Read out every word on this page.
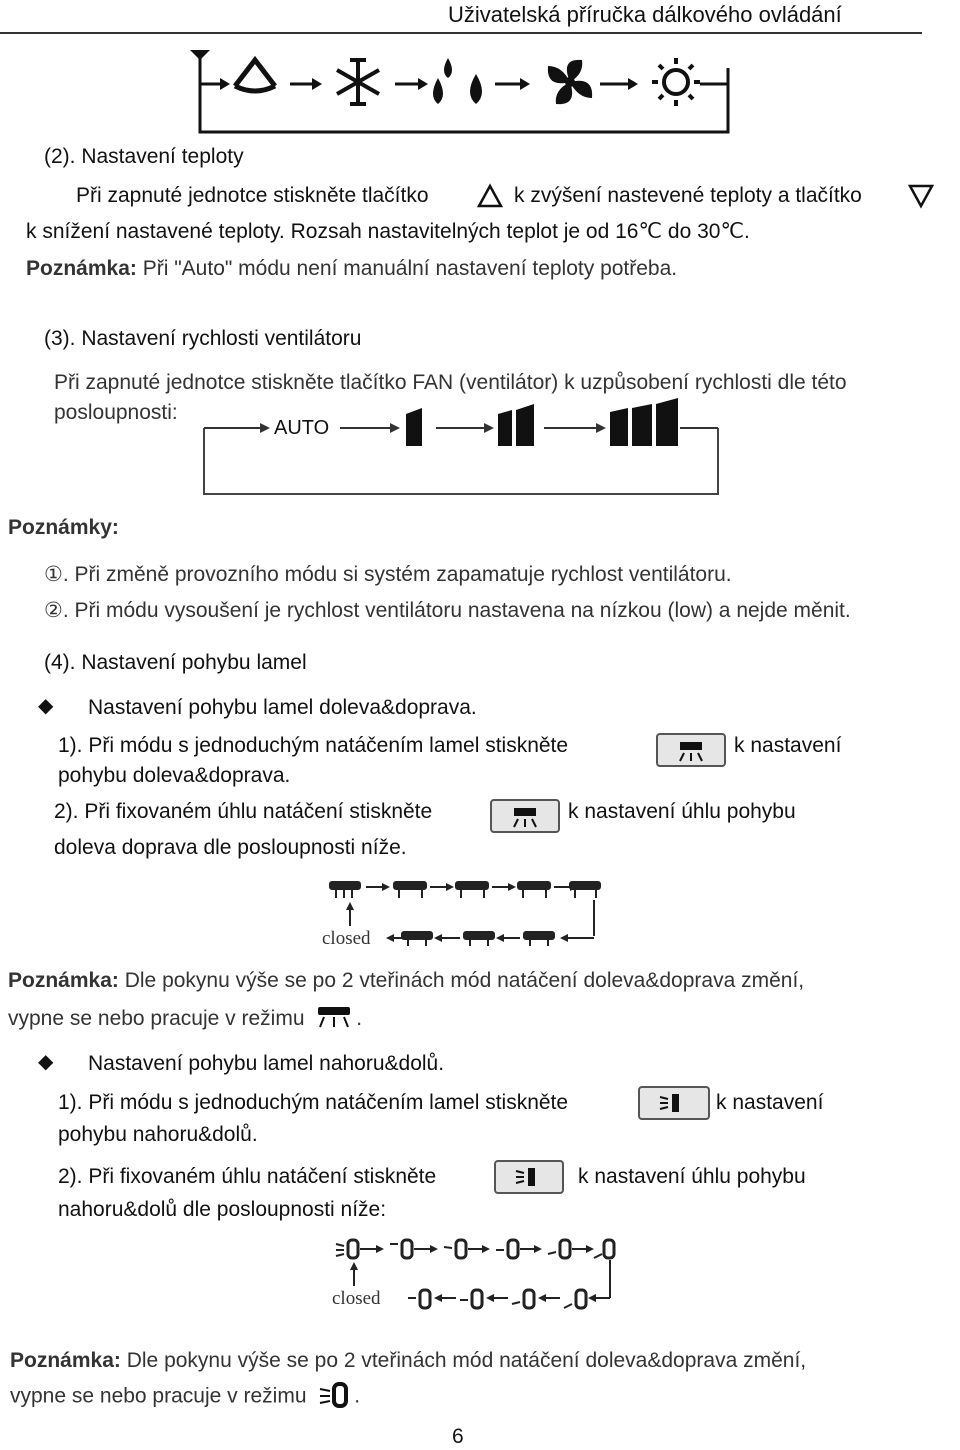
Uživatelská příručka dálkového ovládání
(2). Nastavení teploty
Při zapnuté jednotce stiskněte tlačítko	k zvýšení nastevené teploty a tlačítko
k snížení nastavené teploty. Rozsah nastavitelných teplot je od 16℃ do 30℃.
Poznámka: Při "Auto" módu není manuální nastavení teploty potřeba.
(3). Nastavení rychlosti ventilátoru
Při zapnuté jednotce stiskněte tlačítko FAN (ventilátor) k uzpůsobení rychlosti dle této
posloupnosti:
AUTO
Poznámky:
①. Při změně provozního módu si systém zapamatuje rychlost ventilátoru.
②. Při módu vysoušení je rychlost ventilátoru nastavena na nízkou (low) a nejde měnit.
(4). Nastavení pohybu lamel
◆ Nastavení pohybu lamel doleva&doprava.
1). Při módu s jednoduchým natáčením lamel stiskněte	k nastavení
pohybu doleva&doprava.
2). Při fixovaném úhlu natáčení stiskněte	k nastavení úhlu pohybu
doleva doprava dle posloupnosti níže.
closed
Poznámka: Dle pokynu výše se po 2 vteřinách mód natáčení doleva&doprava změní,
vypne se nebo pracuje v režimu .
◆ Nastavení pohybu lamel nahoru&dolů.
1). Při módu s jednoduchým natáčením lamel stiskněte	k nastavení
pohybu nahoru&dolů.
2). Při fixovaném úhlu natáčení stiskněte	k nastavení úhlu pohybu
nahoru&dolů dle posloupnosti níže:
closed
Poznámka: Dle pokynu výše se po 2 vteřinách mód natáčení doleva&doprava změní,
vypne se nebo pracuje v režimu .
6
